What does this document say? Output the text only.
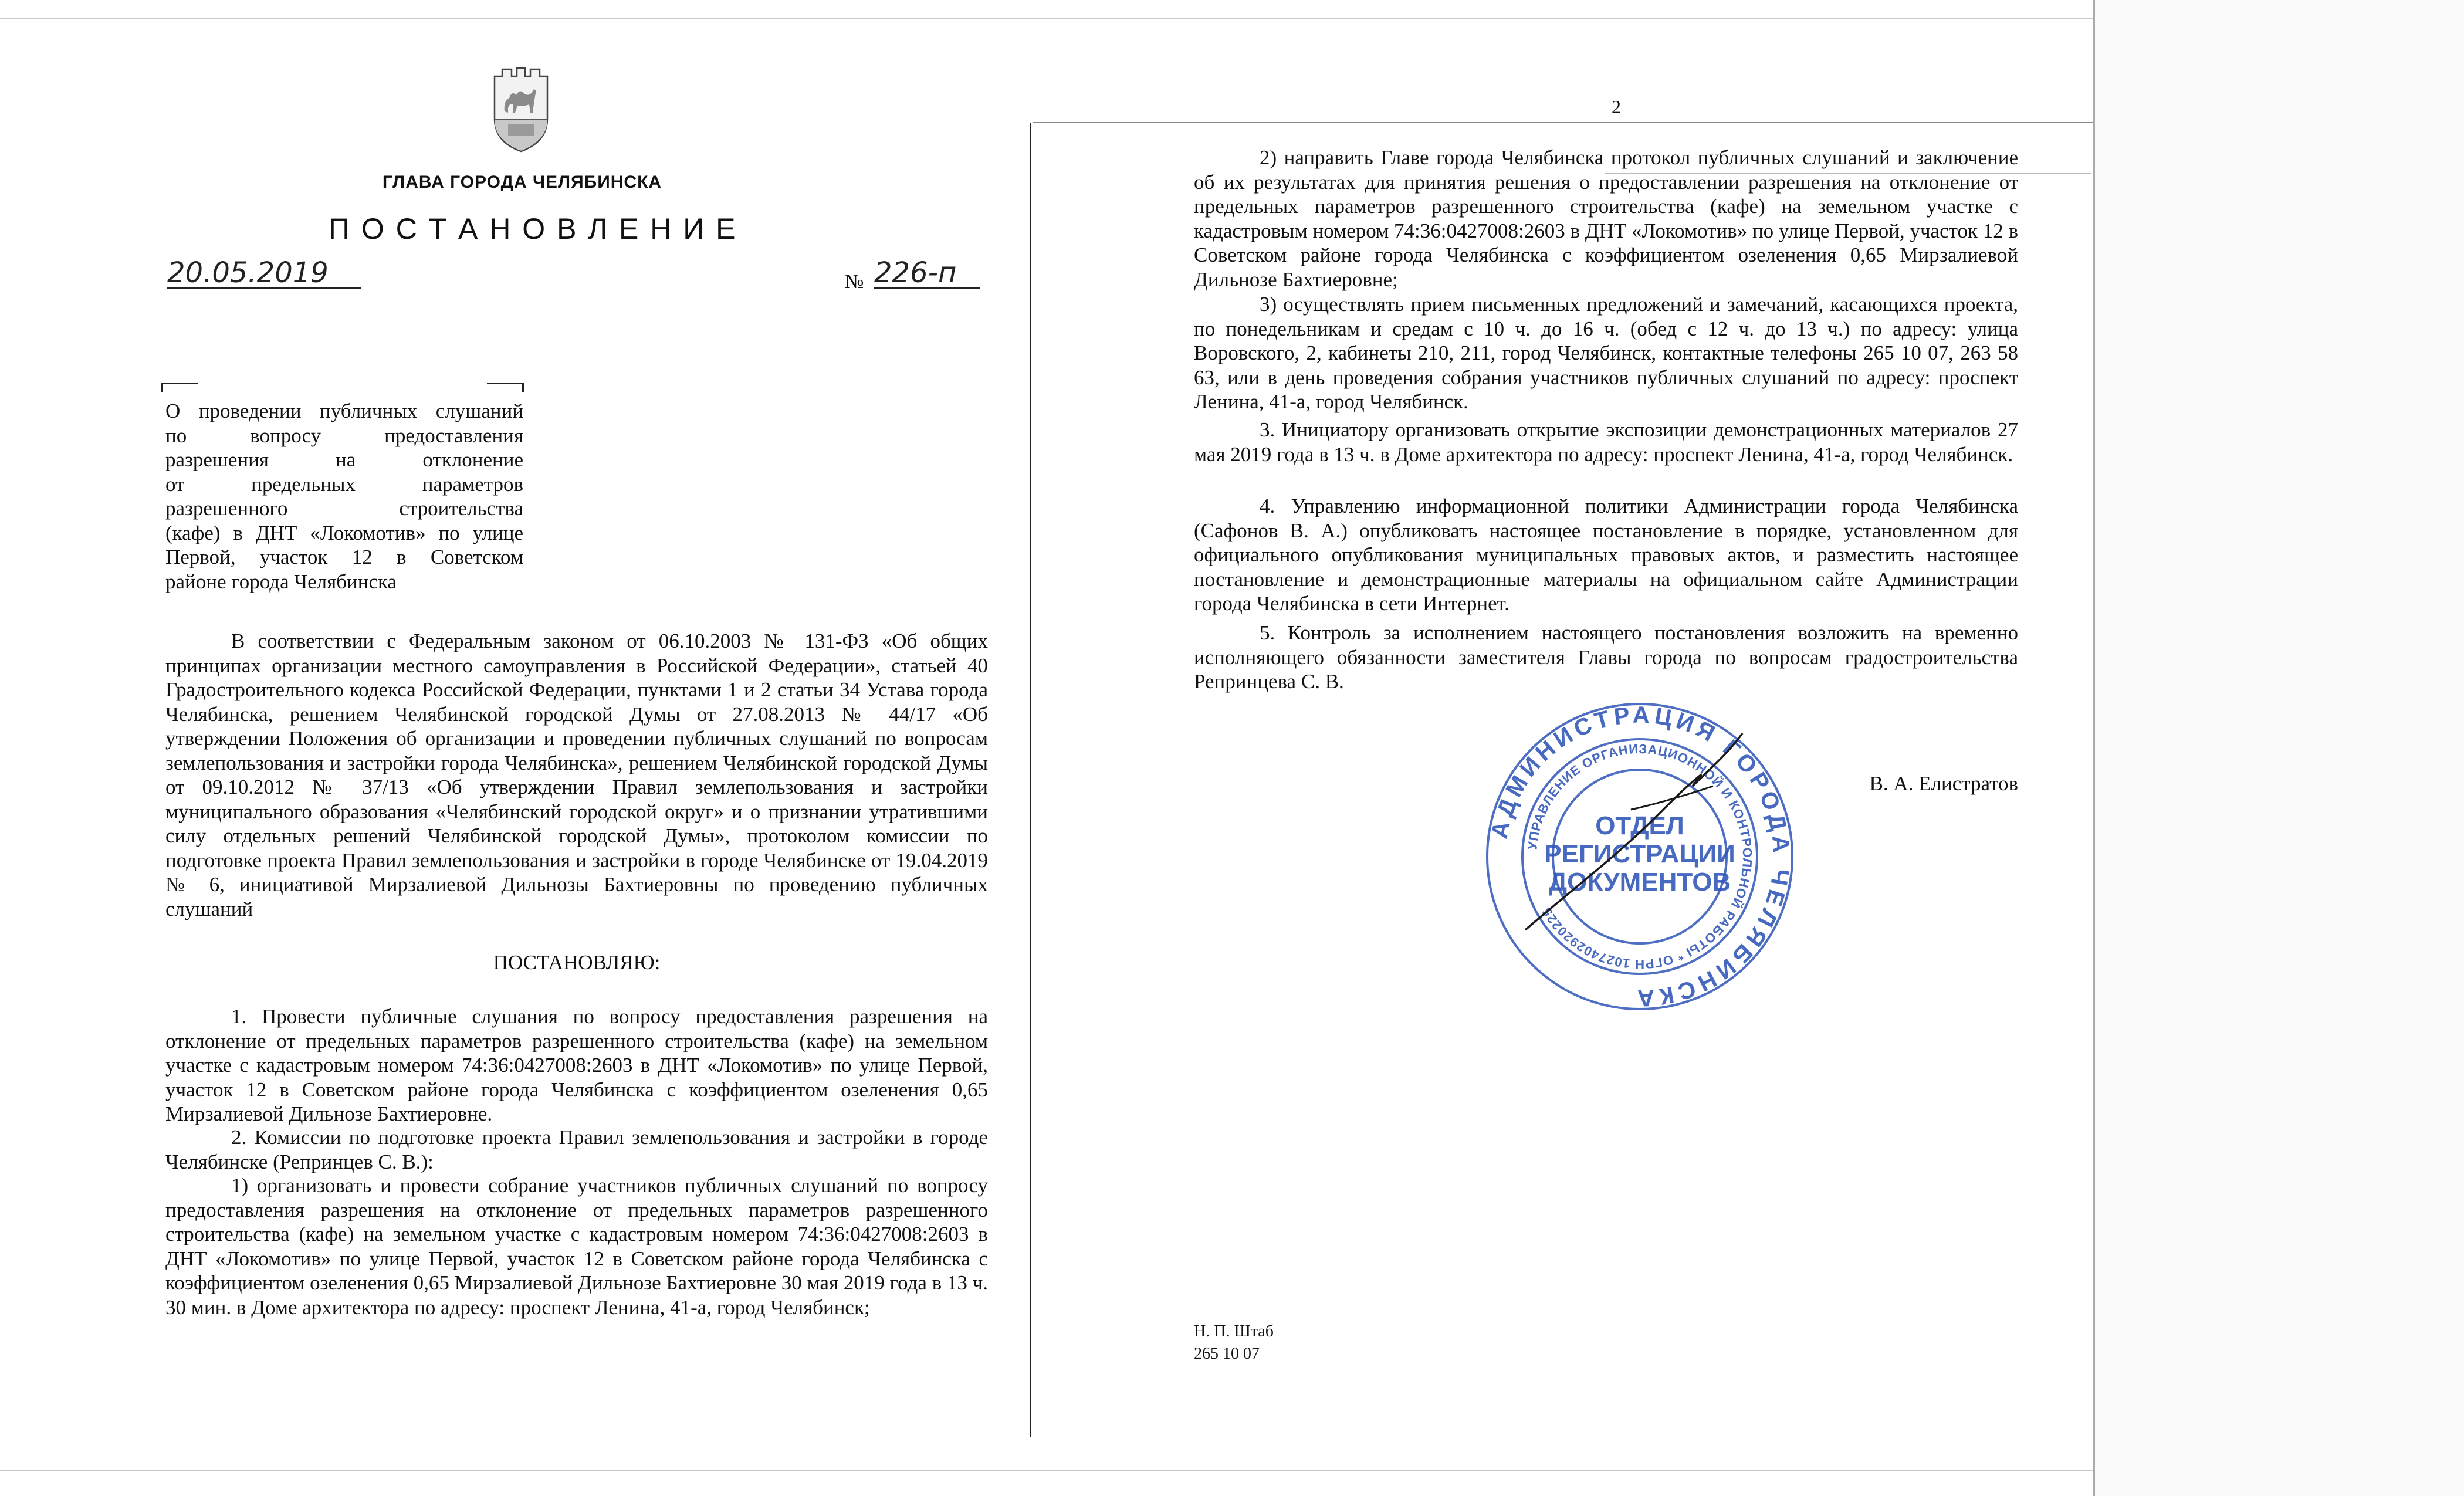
ГЛАВА ГОРОДА ЧЕЛЯБИНСКА
П О С Т А Н О В Л Е Н И Е
20.05.2019	№ 226-п
О проведении публичных слушаний
по вопросу предоставления
разрешения на отклонение
от предельных параметров
разрешенного строительства
(кафе) в ДНТ «Локомотив» по улице
Первой, участок 12 в Советском
районе города Челябинска
В соответствии с Федеральным законом от 06.10.2003 № 131-ФЗ «Об общих принципах организации местного самоуправления в Российской Федерации», статьей 40 Градостроительного кодекса Российской Федерации, пунктами 1 и 2 статьи 34 Устава города Челябинска, решением Челябинской городской Думы от 27.08.2013 № 44/17 «Об утверждении Положения об организации и проведении публичных слушаний по вопросам землепользования и застройки города Челябинска», решением Челябинской городской Думы от 09.10.2012 № 37/13 «Об утверждении Правил землепользования и застройки муниципального образования «Челябинский городской округ» и о признании утратившими силу отдельных решений Челябинской городской Думы», протоколом комиссии по подготовке проекта Правил землепользования и застройки в городе Челябинске от 19.04.2019 № 6, инициативой Мирзалиевой Дильнозы Бахтиеровны по проведению публичных слушаний
ПОСТАНОВЛЯЮ:
1. Провести публичные слушания по вопросу предоставления разрешения на отклонение от предельных параметров разрешенного строительства (кафе) на земельном участке с кадастровым номером 74:36:0427008:2603 в ДНТ «Локомотив» по улице Первой, участок 12 в Советском районе города Челябинска с коэффициентом озеленения 0,65 Мирзалиевой Дильнозе Бахтиеровне.
2. Комиссии по подготовке проекта Правил землепользования и застройки в городе Челябинске (Репринцев С. В.):
1) организовать и провести собрание участников публичных слушаний по вопросу предоставления разрешения на отклонение от предельных параметров разрешенного строительства (кафе) на земельном участке с кадастровым номером 74:36:0427008:2603 в ДНТ «Локомотив» по улице Первой, участок 12 в Советском районе города Челябинска с коэффициентом озеленения 0,65 Мирзалиевой Дильнозе Бахтиеровне 30 мая 2019 года в 13 ч. 30 мин. в Доме архитектора по адресу: проспект Ленина, 41-а, город Челябинск;
2
2) направить Главе города Челябинска протокол публичных слушаний и заключение об их результатах для принятия решения о предоставлении разрешения на отклонение от предельных параметров разрешенного строительства (кафе) на земельном участке с кадастровым номером 74:36:0427008:2603 в ДНТ «Локомотив» по улице Первой, участок 12 в Советском районе города Челябинска с коэффициентом озеленения 0,65 Мирзалиевой Дильнозе Бахтиеровне;
3) осуществлять прием письменных предложений и замечаний, касающихся проекта, по понедельникам и средам с 10 ч. до 16 ч. (обед с 12 ч. до 13 ч.) по адресу: улица Воровского, 2, кабинеты 210, 211, город Челябинск, контактные телефоны 265 10 07, 263 58 63, или в день проведения собрания участников публичных слушаний по адресу: проспект Ленина, 41-а, город Челябинск.
3. Инициатору организовать открытие экспозиции демонстрационных материалов 27 мая 2019 года в 13 ч. в Доме архитектора по адресу: проспект Ленина, 41-а, город Челябинск.
4. Управлению информационной политики Администрации города Челябинска (Сафонов В. А.) опубликовать настоящее постановление в порядке, установленном для официального опубликования муниципальных правовых актов, и разместить настоящее постановление и демонстрационные материалы на официальном сайте Администрации города Челябинска в сети Интернет.
5. Контроль за исполнением настоящего постановления возложить на временно исполняющего обязанности заместителя Главы города по вопросам градостроительства Репринцева С. В.
В. А. Елистратов
Н. П. Штаб
265 10 07
АДМИНИСТРАЦИЯ ГОРОДА ЧЕЛЯБИНСКА
УПРАВЛЕНИЕ ОРГАНИЗАЦИОННОЙ И КОНТРОЛЬНОЙ РАБОТЫ * ОГРН 1027402920225
ОТДЕЛ
РЕГИСТРАЦИИ
ДОКУМЕНТОВ
